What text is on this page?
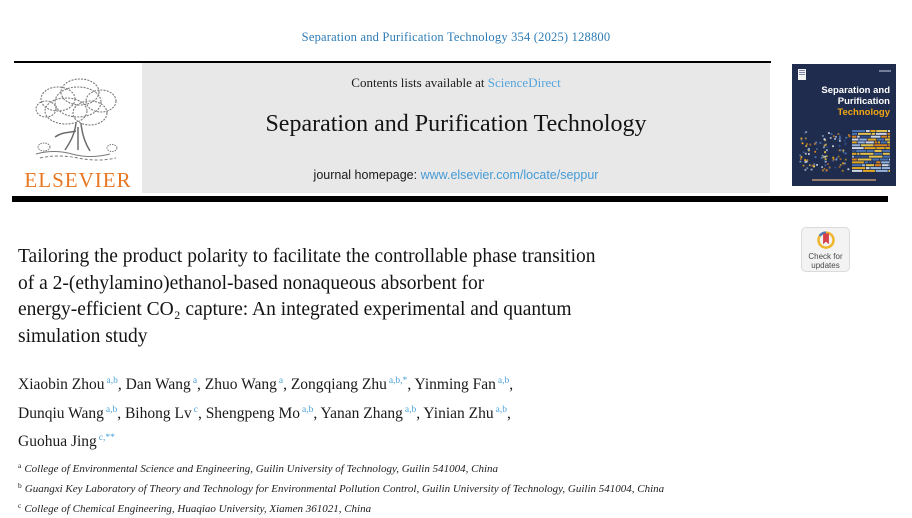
Separation and Purification Technology 354 (2025) 128800
ELSEVIER
Contents lists available at ScienceDirect
Separation and Purification Technology
journal homepage: www.elsevier.com/locate/seppur
Separation and
Purification
Technology
Check for
updates
Tailoring the product polarity to facilitate the controllable phase transition
of a 2-(ethylamino)ethanol-based nonaqueous absorbent for
energy-efficient CO₂ capture: An integrated experimental and quantum
simulation study
Xiaobin Zhou $^{a,b}$, Dan Wang $^a$, Zhuo Wang $^a$, Zongqiang Zhu $^{a,b,*}$, Yinming Fan $^{a,b}$,
Dunqiu Wang $^{a,b}$, Bihong Lv $^c$, Shengpeng Mo $^{a,b}$, Yanan Zhang $^{a,b}$, Yinian Zhu $^{a,b}$,
Guohua Jing $^{c,**}$
$^a$ College of Environmental Science and Engineering, Guilin University of Technology, Guilin 541004, China
$^b$ Guangxi Key Laboratory of Theory and Technology for Environmental Pollution Control, Guilin University of Technology, Guilin 541004, China
$^c$ College of Chemical Engineering, Huaqiao University, Xiamen 361021, China
